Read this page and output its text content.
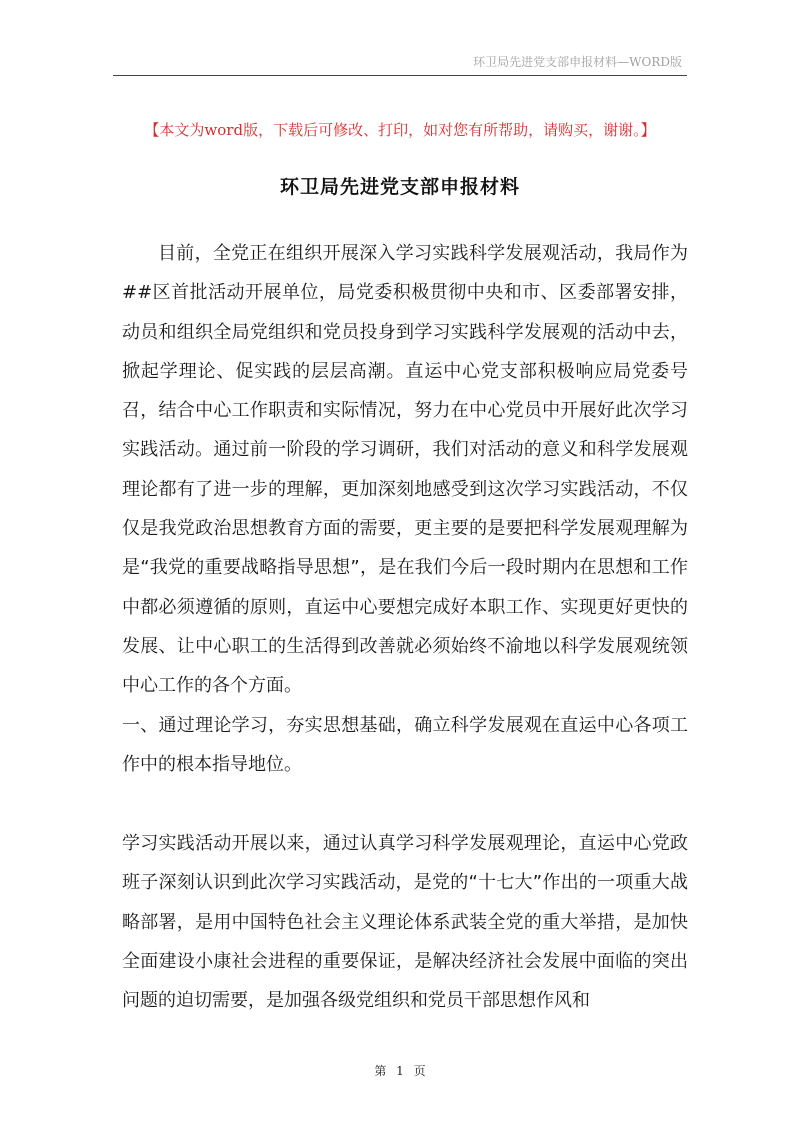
环卫局先进党支部申报材料—WORD版
【本文为word版，下载后可修改、打印，如对您有所帮助，请购买，谢谢。】
环卫局先进党支部申报材料

目前，全党正在组织开展深入学习实践科学发展观活动，我局作为##区首批活动开展单位，局党委积极贯彻中央和市、区委部署安排，动员和组织全局党组织和党员投身到学习实践科学发展观的活动中去，掀起学理论、促实践的层层高潮。直运中心党支部积极响应局党委号召，结合中心工作职责和实际情况，努力在中心党员中开展好此次学习实践活动。通过前一阶段的学习调研，我们对活动的意义和科学发展观理论都有了进一步的理解，更加深刻地感受到这次学习实践活动，不仅仅是我党政治思想教育方面的需要，更主要的是要把科学发展观理解为是“我党的重要战略指导思想”，是在我们今后一段时期内在思想和工作中都必须遵循的原则，直运中心要想完成好本职工作、实现更好更快的发展、让中心职工的生活得到改善就必须始终不渝地以科学发展观统领中心工作的各个方面。

一、通过理论学习，夯实思想基础，确立科学发展观在直运中心各项工作中的根本指导地位。

学习实践活动开展以来，通过认真学习科学发展观理论，直运中心党政班子深刻认识到此次学习实践活动，是党的“十七大”作出的一项重大战略部署，是用中国特色社会主义理论体系武装全党的重大举措，是加快全面建设小康社会进程的重要保证，是解决经济社会发展中面临的突出问题的迫切需要，是加强各级党组织和党员干部思想作风和

第 1 页
